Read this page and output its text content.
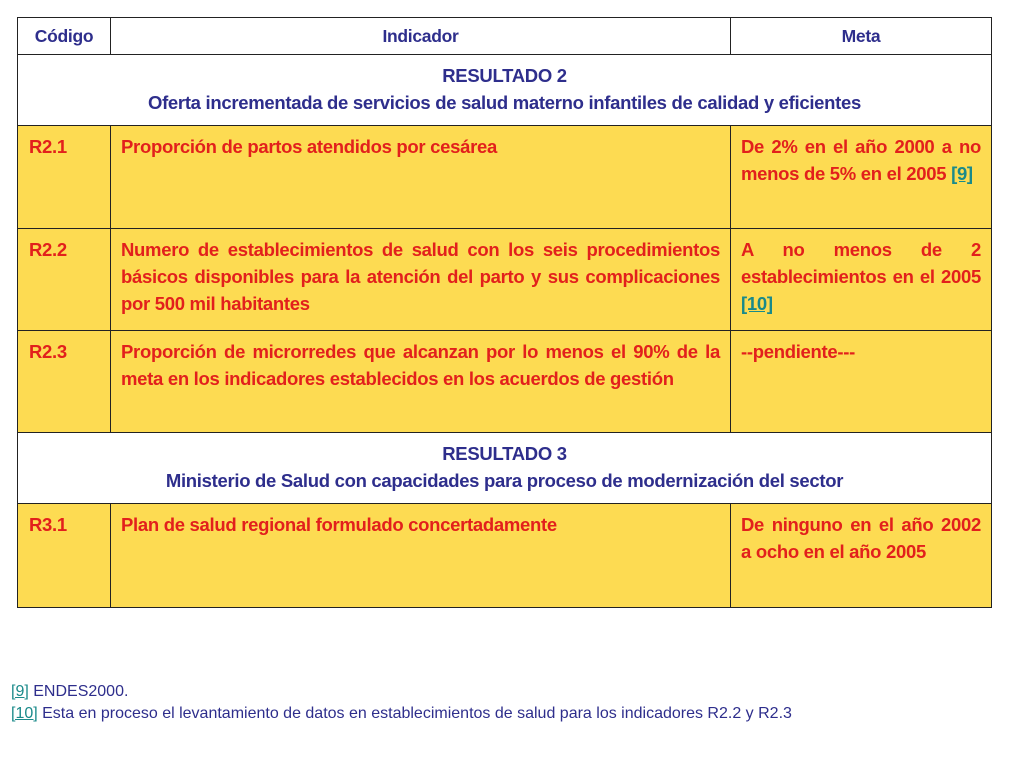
Código	Indicador	Meta

RESULTADO 2
Oferta incrementada de servicios de salud materno infantiles de calidad y eficientes		

R2.1	Proporción de partos atendidos por cesárea	De 2% en el año 2000 a no menos de 5% en el 2005 [9]
R2.2	Numero de establecimientos de salud con los seis procedimientos básicos disponibles para la atención del parto y sus complicaciones por 500 mil habitantes	A no menos de 2 establecimientos en el 2005 [10]
R2.3	Proporción de microrredes que alcanzan por lo menos el 90% de la meta en los indicadores establecidos en los acuerdos de gestión	--pendiente---

RESULTADO 3
Ministerio de Salud con capacidades para proceso de modernización del sector		

R3.1	Plan de salud regional formulado concertadamente	De ninguno en el año 2002 a ocho en el año 2005
[9] ENDES2000.
[10] Esta en proceso el levantamiento de datos en establecimientos de salud para los indicadores R2.2 y R2.3
